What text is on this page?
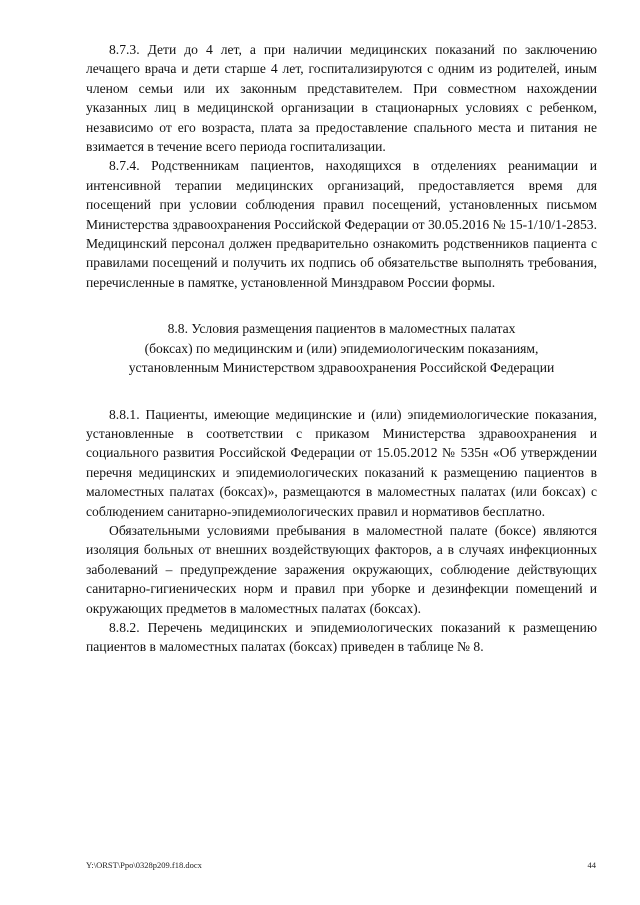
8.7.3. Дети до 4 лет, а при наличии медицинских показаний по заключению лечащего врача и дети старше 4 лет, госпитализируются с одним из родителей, иным членом семьи или их законным представителем. При совместном нахождении указанных лиц в медицинской организации в стационарных условиях с ребенком, независимо от его возраста, плата за предоставление спального места и питания не взимается в течение всего периода госпитализации.

8.7.4. Родственникам пациентов, находящихся в отделениях реанимации и интенсивной терапии медицинских организаций, предоставляется время для посещений при условии соблюдения правил посещений, установленных письмом Министерства здравоохранения Российской Федерации от 30.05.2016 № 15-1/10/1-2853. Медицинский персонал должен предварительно ознакомить родственников пациента с правилами посещений и получить их подпись об обязательстве выполнять требования, перечисленные в памятке, установленной Минздравом России формы.

8.8. Условия размещения пациентов в маломестных палатах
(боксах) по медицинским и (или) эпидемиологическим показаниям,
установленным Министерством здравоохранения Российской Федерации

8.8.1. Пациенты, имеющие медицинские и (или) эпидемиологические показания, установленные в соответствии с приказом Министерства здравоохранения и социального развития Российской Федерации от 15.05.2012 № 535н «Об утверждении перечня медицинских и эпидемиологических показаний к размещению пациентов в маломестных палатах (боксах)», размещаются в маломестных палатах (или боксах) с соблюдением санитарно-эпидемиологических правил и нормативов бесплатно.

Обязательными условиями пребывания в маломестной палате (боксе) являются изоляция больных от внешних воздействующих факторов, а в случаях инфекционных заболеваний – предупреждение заражения окружающих, соблюдение действующих санитарно-гигиенических норм и правил при уборке и дезинфекции помещений и окружающих предметов в маломестных палатах (боксах).

8.8.2. Перечень медицинских и эпидемиологических показаний к размещению пациентов в маломестных палатах (боксах) приведен в таблице № 8.

Y:\ORST\Ppo\0328p209.f18.docx	44
